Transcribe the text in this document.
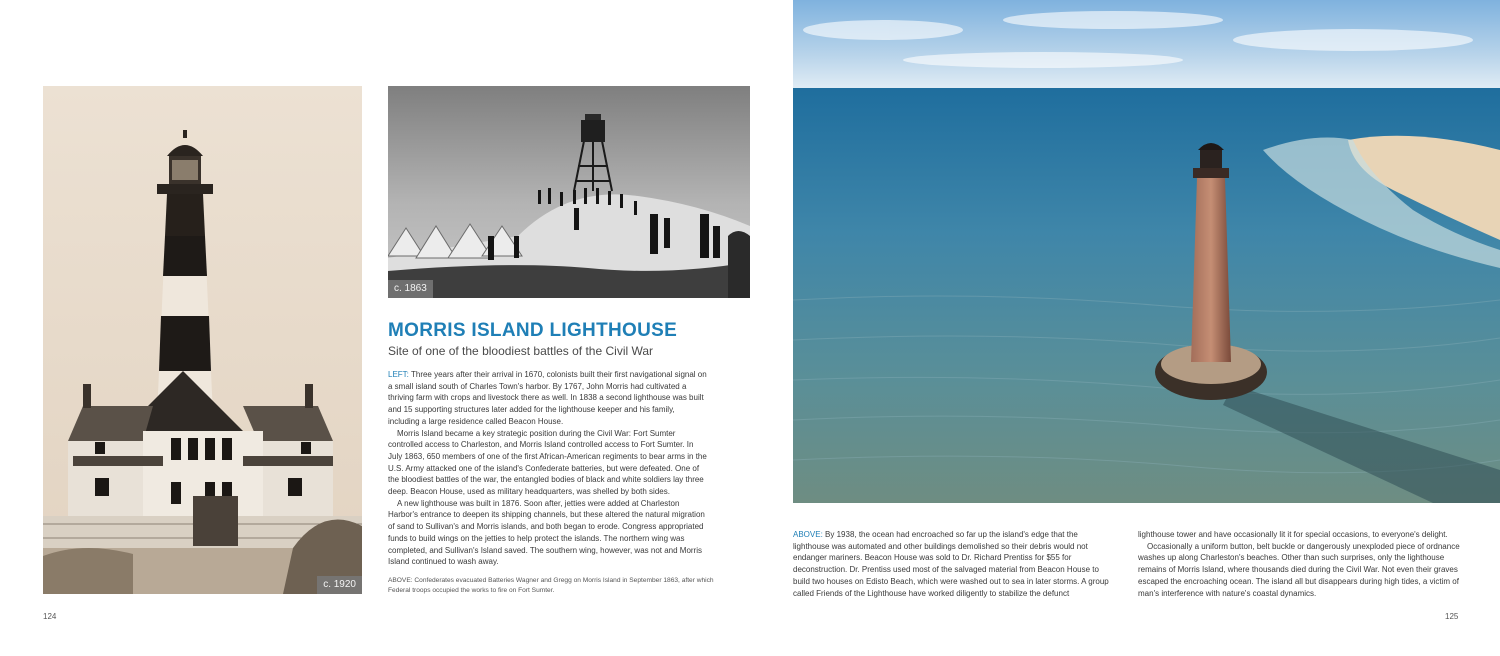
c. 1920
c. 1863
MORRIS ISLAND LIGHTHOUSE
Site of one of the bloodiest battles of the Civil War

LEFT: Three years after their arrival in 1670, colonists built their first navigational signal on a small island south of Charles Town's harbor. By 1767, John Morris had cultivated a thriving farm with crops and livestock there as well. In 1838 a second lighthouse was built and 15 supporting structures later added for the lighthouse keeper and his family, including a large residence called Beacon House.

Morris Island became a key strategic position during the Civil War: Fort Sumter controlled access to Charleston, and Morris Island controlled access to Fort Sumter. In July 1863, 650 members of one of the first African-American regiments to bear arms in the U.S. Army attacked one of the island's Confederate batteries, but were defeated. One of the bloodiest battles of the war, the entangled bodies of black and white soldiers lay three deep. Beacon House, used as military headquarters, was shelled by both sides.

A new lighthouse was built in 1876. Soon after, jetties were added at Charleston Harbor's entrance to deepen its shipping channels, but these altered the natural migration of sand to Sullivan's and Morris islands, and both began to erode. Congress appropriated funds to build wings on the jetties to help protect the islands. The northern wing was completed, and Sullivan's Island saved. The southern wing, however, was not and Morris Island continued to wash away.

ABOVE: Confederates evacuated Batteries Wagner and Gregg on Morris Island in September 1863, after which Federal troops occupied the works to fire on Fort Sumter.
124

ABOVE: By 1938, the ocean had encroached so far up the island's edge that the lighthouse was automated and other buildings demolished so their debris would not endanger mariners. Beacon House was sold to Dr. Richard Prentiss for $55 for deconstruction. Dr. Prentiss used most of the salvaged material from Beacon House to build two houses on Edisto Beach, which were washed out to sea in later storms. A group called Friends of the Lighthouse have worked diligently to stabilize the defunct

lighthouse tower and have occasionally lit it for special occasions, to everyone's delight.

Occasionally a uniform button, belt buckle or dangerously unexploded piece of ordnance washes up along Charleston's beaches. Other than such surprises, only the lighthouse remains of Morris Island, where thousands died during the Civil War. Not even their graves escaped the encroaching ocean. The island all but disappears during high tides, a victim of man's interference with nature's coastal dynamics.

125
